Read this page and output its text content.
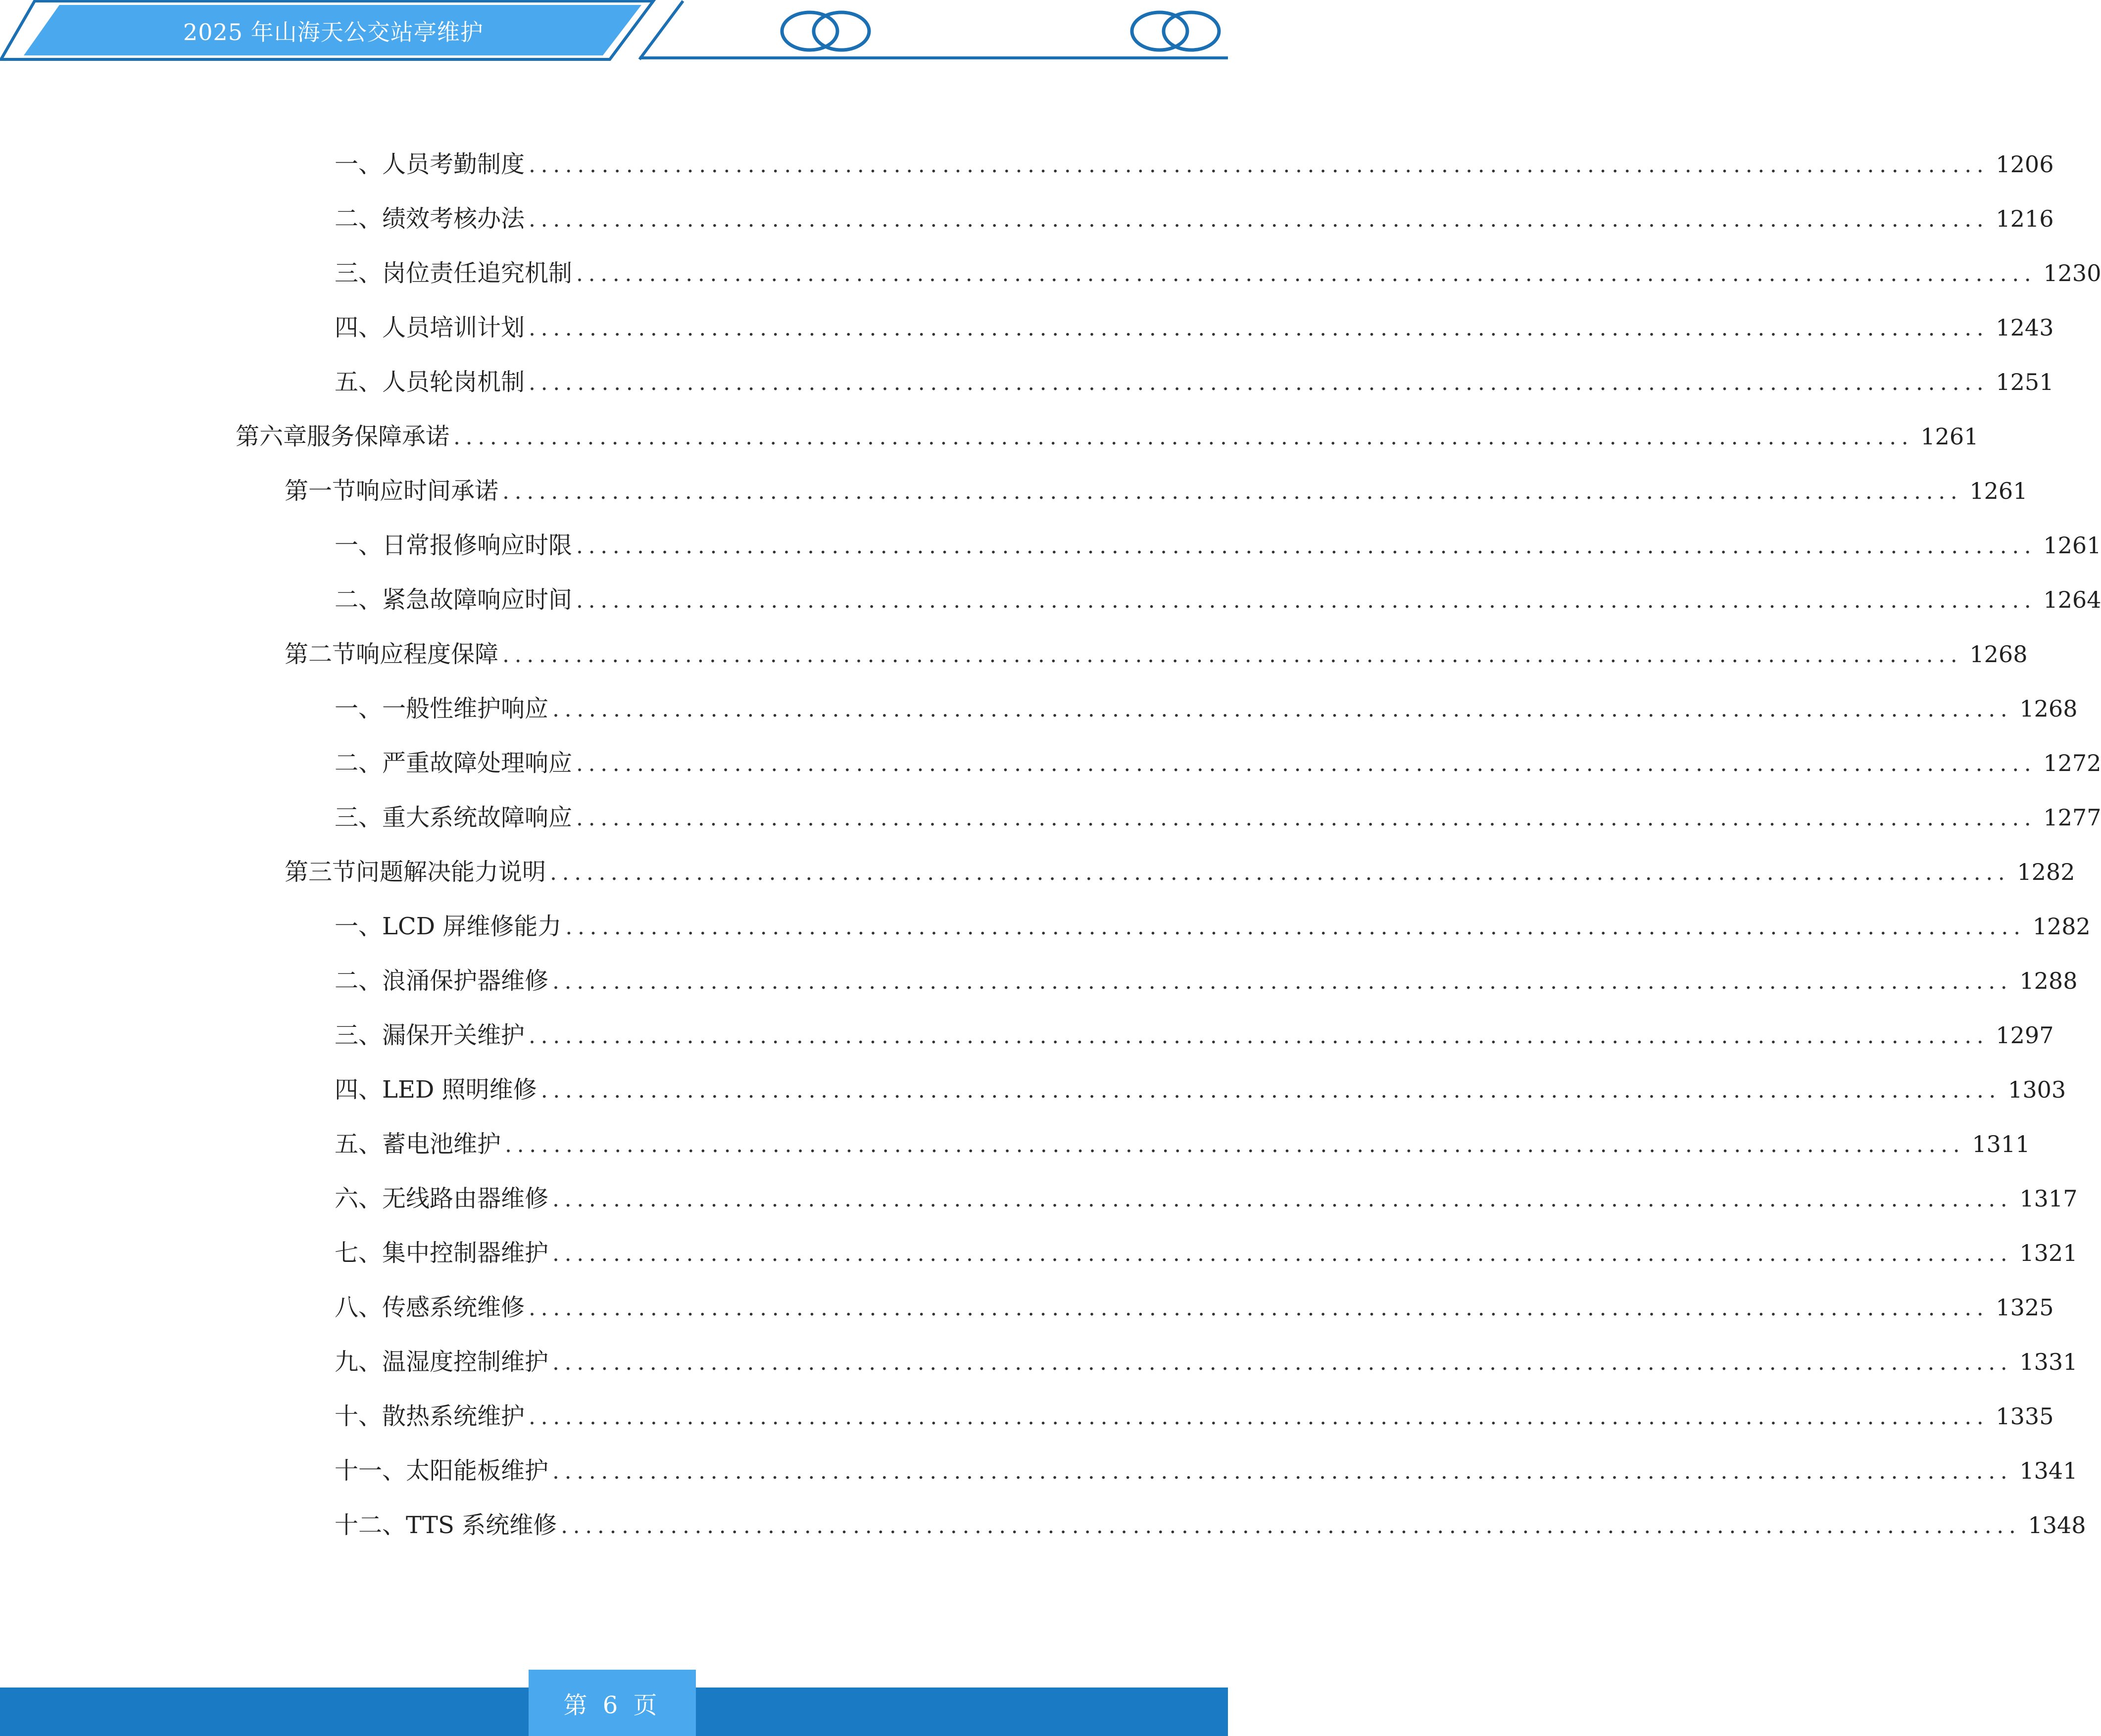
2025 年山海天公交站亭维护
一、 人员考勤制度 ........................................................................................................................ 1206
二、 绩效考核办法 ........................................................................................................................ 1216
三、 岗位责任追究机制 ........................................................................................................................ 1230
四、 人员培训计划 ........................................................................................................................ 1243
五、 人员轮岗机制 ........................................................................................................................ 1251
第六章 服务保障承诺 ........................................................................................................................ 1261
第一节 响应时间承诺 ........................................................................................................................ 1261
一、 日常报修响应时限 ........................................................................................................................ 1261
二、 紧急故障响应时间 ........................................................................................................................ 1264
第二节 响应程度保障 ........................................................................................................................ 1268
一、 一般性维护响应 ........................................................................................................................ 1268
二、 严重故障处理响应 ........................................................................................................................ 1272
三、 重大系统故障响应 ........................................................................................................................ 1277
第三节 问题解决能力说明 ........................................................................................................................ 1282
一、 LCD 屏维修能力 ........................................................................................................................ 1282
二、 浪涌保护器维修 ........................................................................................................................ 1288
三、 漏保开关维护 ........................................................................................................................ 1297
四、 LED 照明维修 ........................................................................................................................ 1303
五、 蓄电池维护 ........................................................................................................................ 1311
六、 无线路由器维修 ........................................................................................................................ 1317
七、 集中控制器维护 ........................................................................................................................ 1321
八、 传感系统维修 ........................................................................................................................ 1325
九、 温湿度控制维护 ........................................................................................................................ 1331
十、 散热系统维护 ........................................................................................................................ 1335
十一、 太阳能板维护 ........................................................................................................................ 1341
十二、 TTS 系统维修 ........................................................................................................................ 1348
第 6 页
